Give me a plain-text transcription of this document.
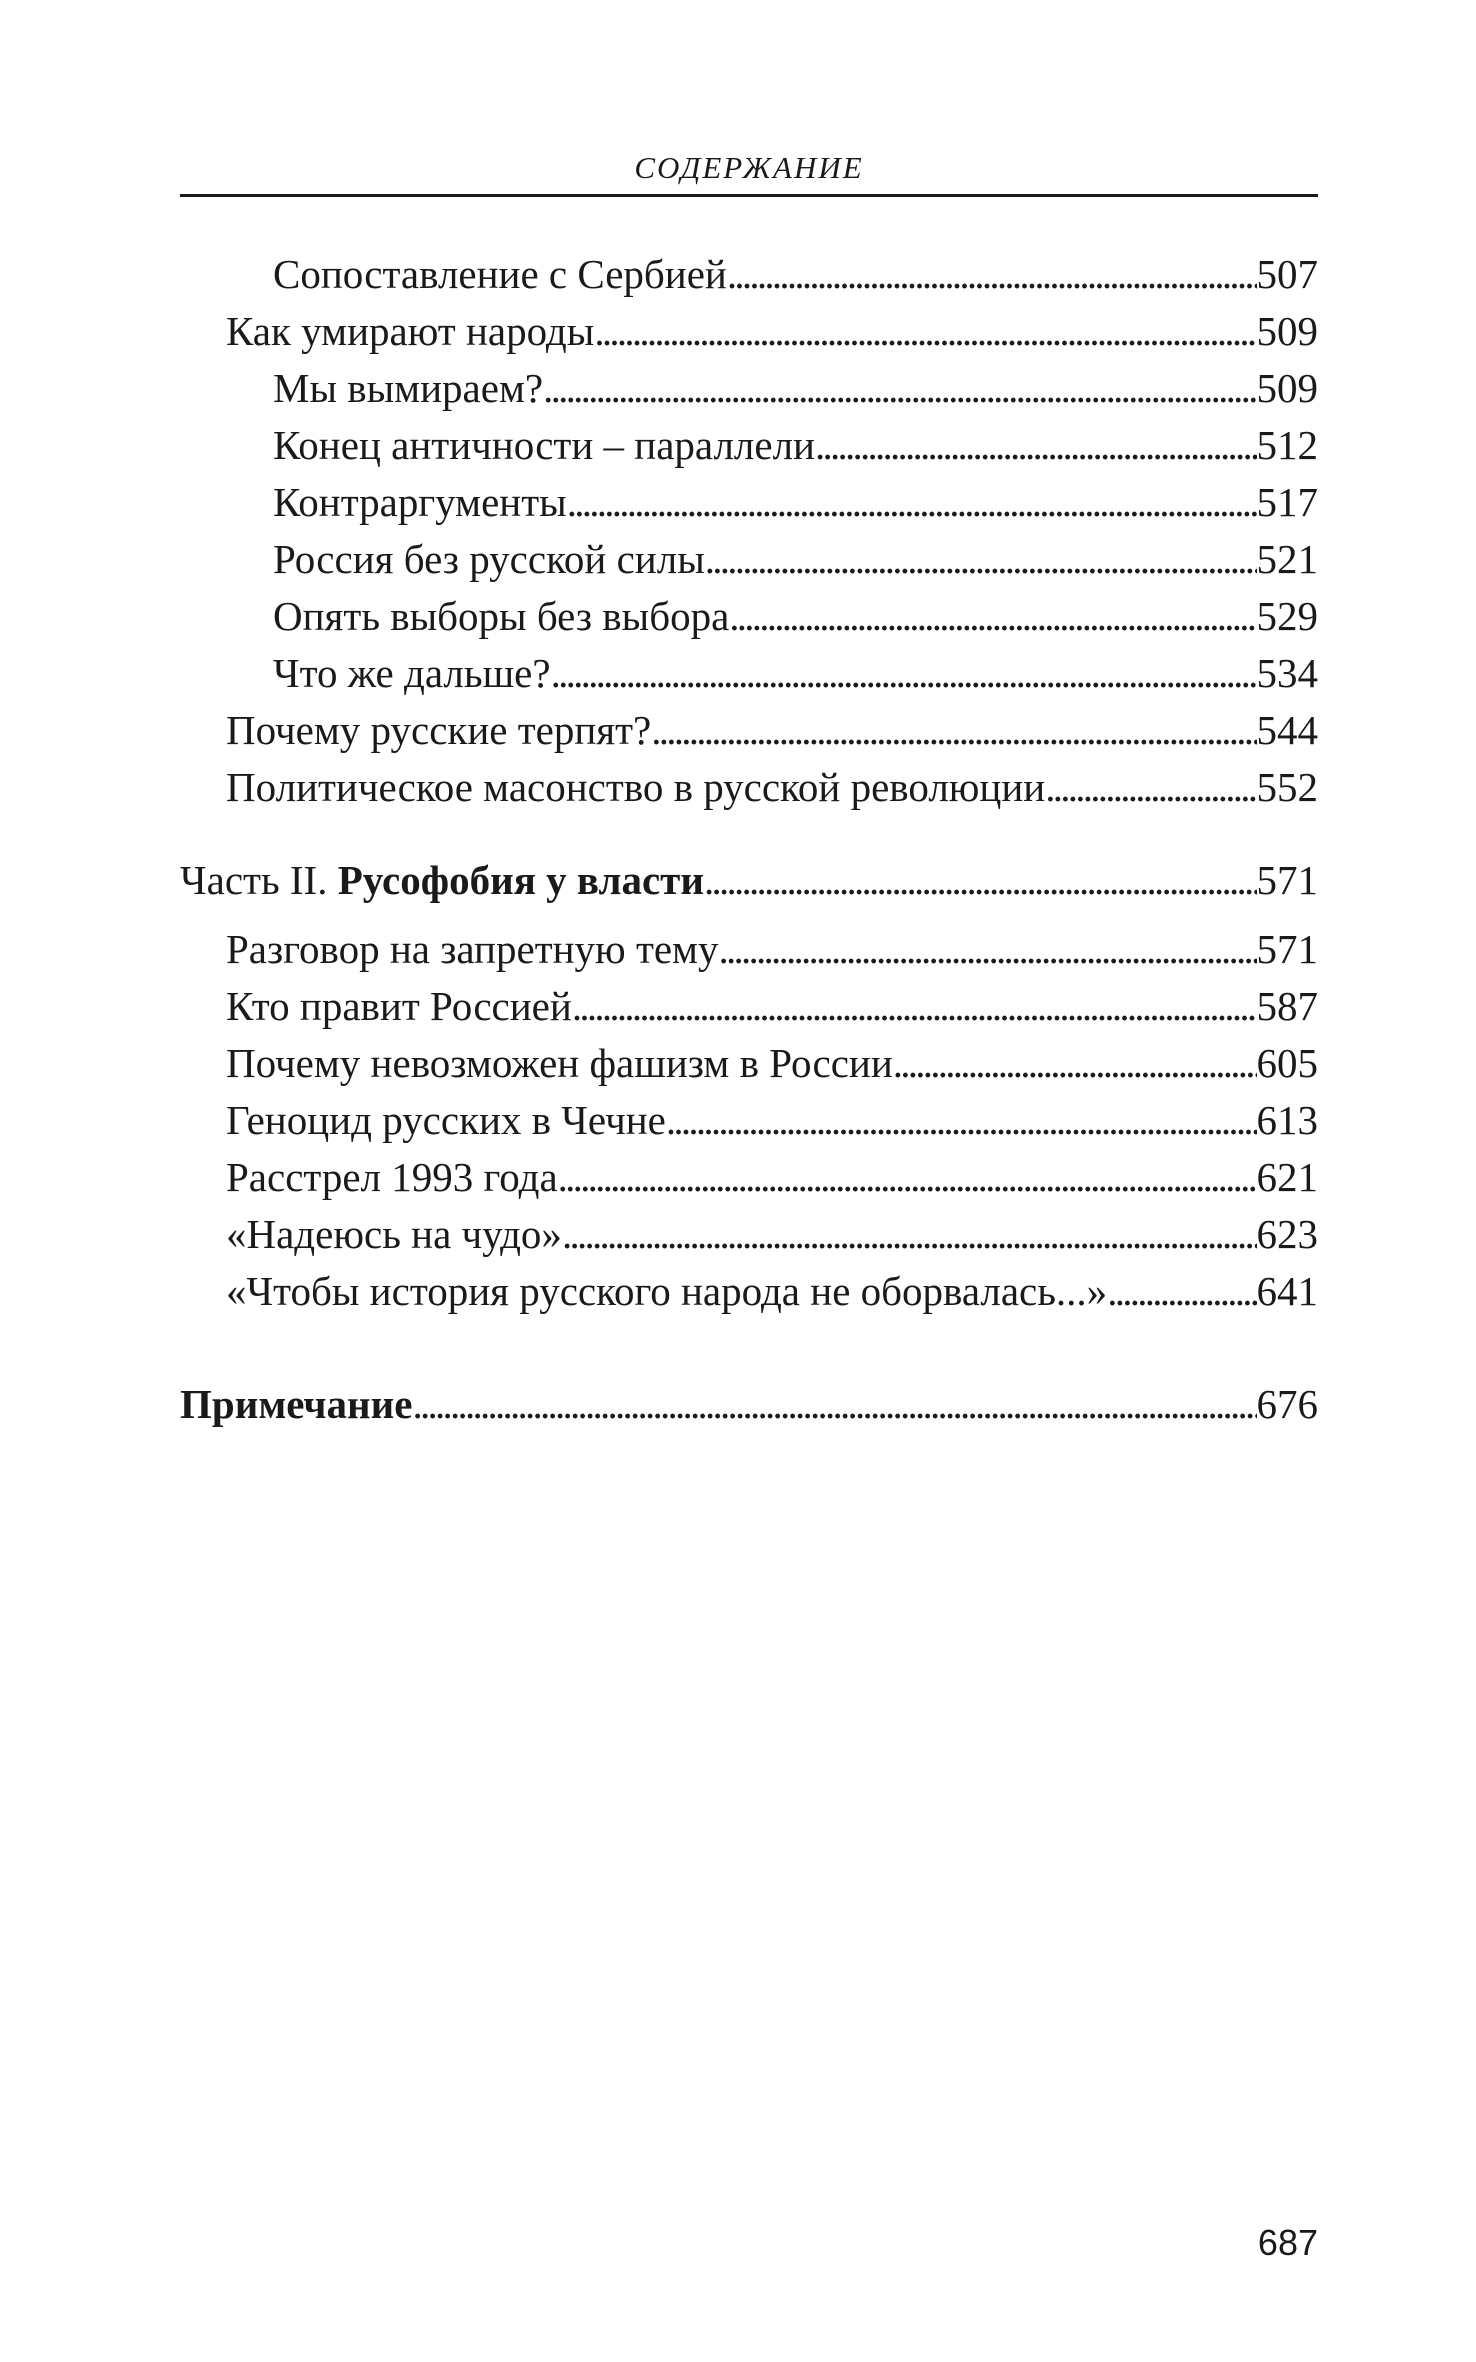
СОДЕРЖАНИЕ
Сопоставление с Сербией . . .	507
Как умирают народы . . .	509
Мы вымираем? . . .	509
Конец античности – параллели . . .	512
Контраргументы . . .	517
Россия без русской силы . . .	521
Опять выборы без выбора . . .	529
Что же дальше? . . .	534
Почему русские терпят? . . .	544
Политическое масонство в русской революции . . .	552
Часть II. Русофобия у власти . . .	571
Разговор на запретную тему . . .	571
Кто правит Россией . . .	587
Почему невозможен фашизм в России . . .	605
Геноцид русских в Чечне . . .	613
Расстрел 1993 года . . .	621
«Надеюсь на чудо» . . .	623
«Чтобы история русского народа не оборвалась...» . . .	641
Примечание . . .	676
687
